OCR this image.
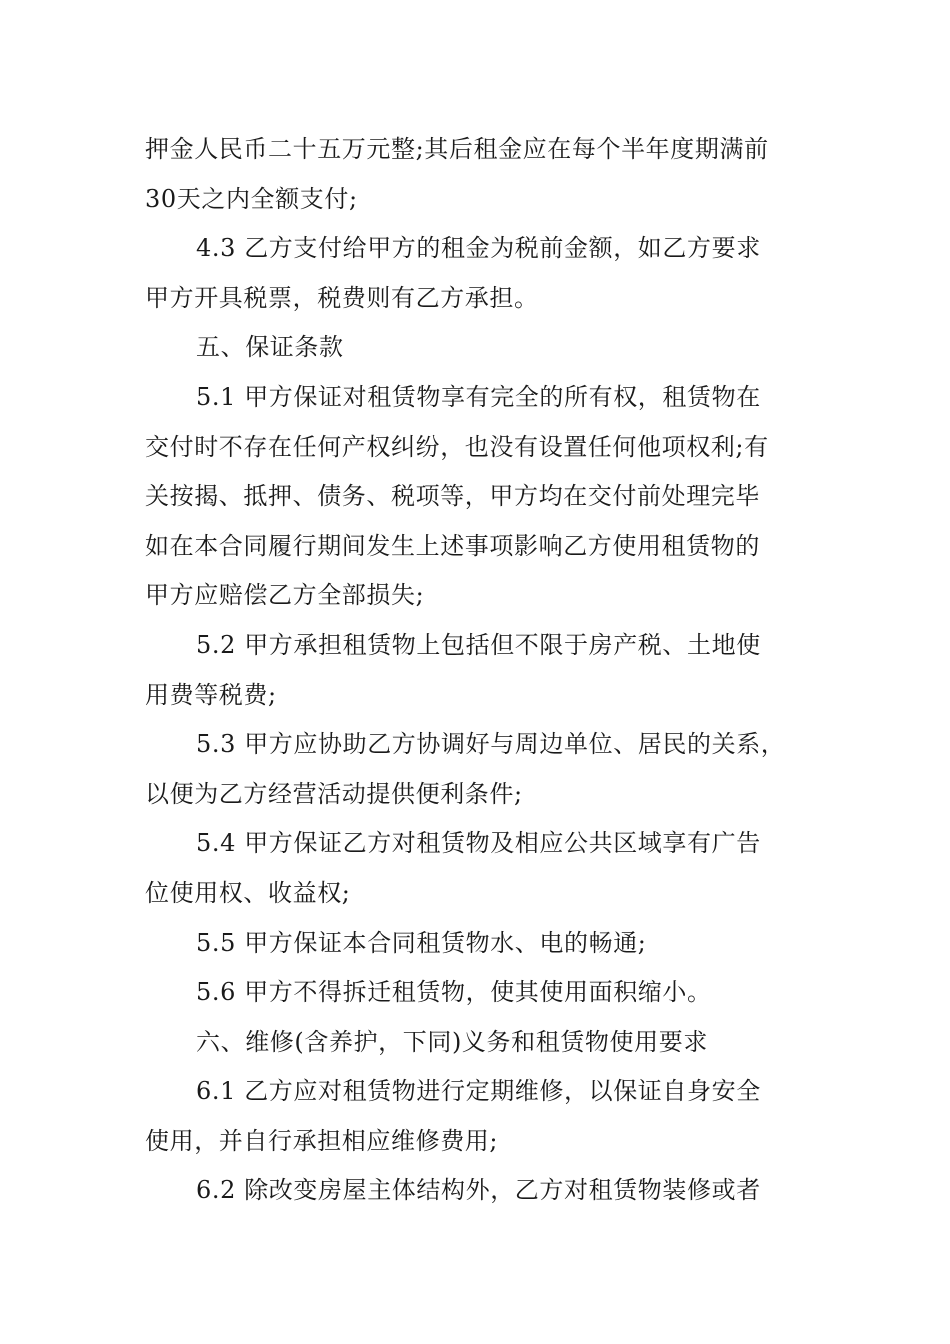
押金人民币二十五万元整;其后租金应在每个半年度期满前
30天之内全额支付;
4.3 乙方支付给甲方的租金为税前金额，如乙方要求
甲方开具税票，税费则有乙方承担。
五、保证条款
5.1 甲方保证对租赁物享有完全的所有权，租赁物在
交付时不存在任何产权纠纷，也没有设置任何他项权利;有
关按揭、抵押、债务、税项等，甲方均在交付前处理完毕
如在本合同履行期间发生上述事项影响乙方使用租赁物的
甲方应赔偿乙方全部损失;
5.2 甲方承担租赁物上包括但不限于房产税、土地使
用费等税费;
5.3 甲方应协助乙方协调好与周边单位、居民的关系，
以便为乙方经营活动提供便利条件;
5.4 甲方保证乙方对租赁物及相应公共区域享有广告
位使用权、收益权;
5.5 甲方保证本合同租赁物水、电的畅通;
5.6 甲方不得拆迁租赁物，使其使用面积缩小。
六、维修(含养护，下同)义务和租赁物使用要求
6.1 乙方应对租赁物进行定期维修，以保证自身安全
使用，并自行承担相应维修费用;
6.2 除改变房屋主体结构外，乙方对租赁物装修或者
